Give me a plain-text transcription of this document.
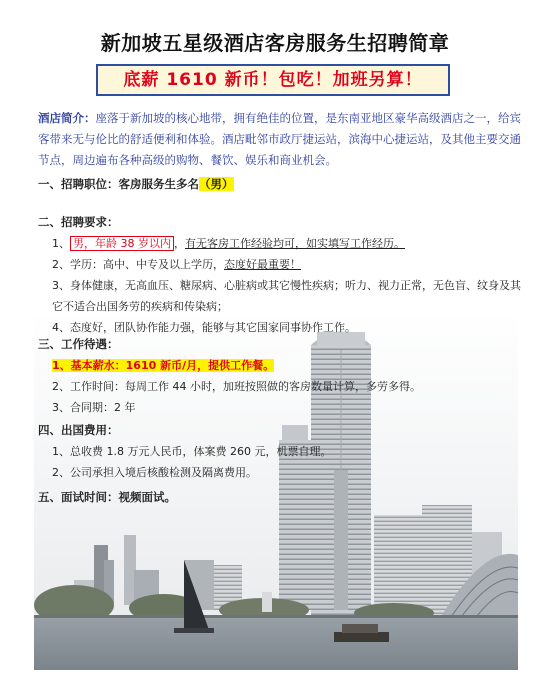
新加坡五星级酒店客房服务生招聘简章
底薪 1610 新币！包吃！加班另算！
酒店简介：座落于新加坡的核心地带，拥有绝佳的位置，是东南亚地区豪华高级酒店之一，给宾客带来无与伦比的舒适便利和体验。酒店毗邻市政厅捷运站，滨海中心捷运站，及其他主要交通节点，周边遍布各种高级的购物、餐饮、娱乐和商业机会。
一、招聘职位：客房服务生多名（男）
二、招聘要求：
1、 男，年龄 38 岁以内 ，有无客房工作经验均可，如实填写工作经历。
2、学历：高中、中专及以上学历，态度好最重要！
3、身体健康，无高血压、糖尿病、心脏病或其它慢性疾病；听力、视力正常，无色盲、纹身及其它不适合出国务劳的疾病和传染病；
4、态度好，团队协作能力强，能够与其它国家同事协作工作。
三、工作待遇：
1、基本薪水：1610 新币/月，提供工作餐。
2、工作时间：每周工作 44 小时，加班按照做的客房数量计算，多劳多得。
3、合同期：2 年
四、出国费用：
1、总收费 1.8 万元人民币，体案费 260 元，机票自理。
2、公司承担入境后核酸检测及隔离费用。
五、面试时间：视频面试。
